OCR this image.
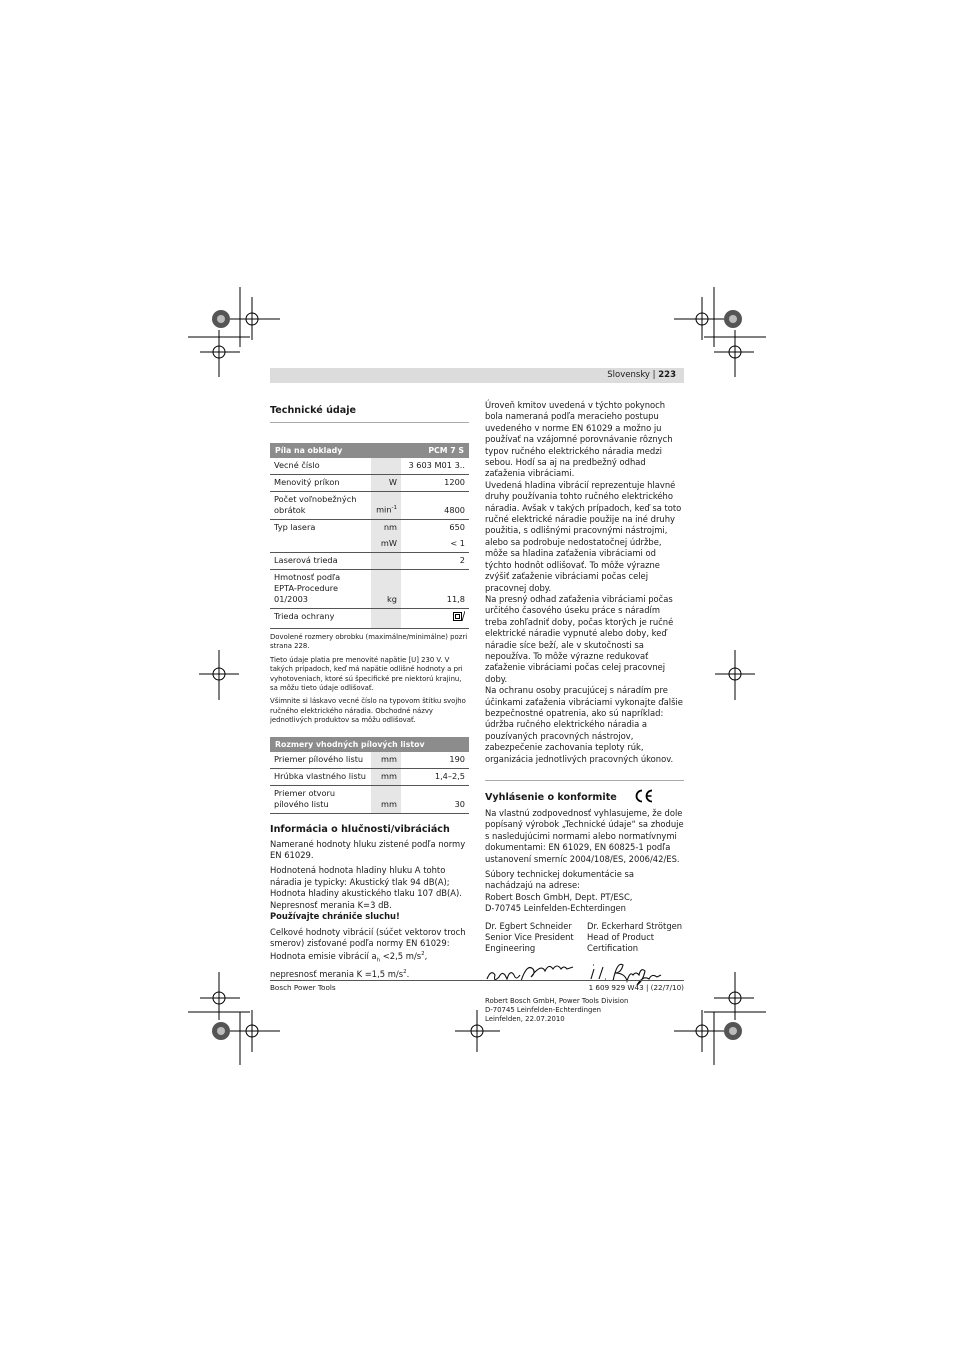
Slovensky | 223
Technické údaje
Píla na obklady		PCM 7 S
Vecné číslo		3 603 M01 3..
Menovitý príkon	W	1200
Počet voľnobežných obrátok	$\min^{-1}$	4800
Typ lasera	nm	650
	mW	< 1
Laserová trieda		2
Hmotnosť podľa EPTA-Procedure 01/2003	kg	11,8
Trieda ochrany		

Dovolené rozmery obrobku (maximálne/minimálne) pozri strana 228.

Tieto údaje platia pre menovité napätie [U] 230 V. V takých prípadoch, keď má napätie odlišné hodnoty a pri vyhotoveniach, ktoré sú špecifické pre niektorú krajinu, sa môžu tieto údaje odlišovať.

Všimnite si láskavo vecné číslo na typovom štítku svojho ručného elektrického náradia. Obchodné názvy jednotlivých produktov sa môžu odlišovať.

Rozmery vhodných pílových listov		
Priemer pílového listu	mm	190
Hrúbka vlastného listu	mm	1,4–2,5
Priemer otvoru pílového listu	mm	30
Informácia o hlučnosti/vibráciách

Namerané hodnoty hluku zistené podľa normy EN 61029.

Hodnotená hodnota hladiny hluku A tohto náradia je typicky: Akustický tlak 94 dB(A); Hodnota hladiny akustického tlaku 107 dB(A). Nepresnosť merania K=3 dB.

Používajte chrániče sluchu!

Celkové hodnoty vibrácií (súčet vektorov troch smerov) zisťované podľa normy EN 61029: Hodnota emisie vibrácií $a_h <2,5$ $m/s^2$, nepresnosť merania K =1,5 $m/s^2$.

Úroveň kmitov uvedená v týchto pokynoch bola nameraná podľa meracieho postupu uvedeného v norme EN 61029 a možno ju používať na vzájomné porovnávanie rôznych typov ručného elektrického náradia medzi sebou. Hodí sa aj na predbežný odhad zaťaženia vibráciami.

Uvedená hladina vibrácií reprezentuje hlavné druhy používania tohto ručného elektrického náradia. Avšak v takých prípadoch, keď sa toto ručné elektrické náradie použije na iné druhy použitia, s odlišnými pracovnými nástrojmi, alebo sa podrobuje nedostatočnej údržbe, môže sa hladina zaťaženia vibráciami od týchto hodnôt odlišovať. To môže výrazne zvýšiť zaťaženie vibráciami počas celej pracovnej doby.

Na presný odhad zaťaženia vibráciami počas určitého časového úseku práce s náradím treba zohľadniť doby, počas ktorých je ručné elektrické náradie vypnuté alebo doby, keď náradie síce beží, ale v skutočnosti sa nepoužíva. To môže výrazne redukovať zaťaženie vibráciami počas celej pracovnej doby.

Na ochranu osoby pracujúcej s náradím pre účinkami zaťaženia vibráciami vykonajte ďalšie bezpečnostné opatrenia, ako sú napríklad: údržba ručného elektrického náradia a pouzívaných pracovných nástrojov, zabezpečenie zachovania teploty rúk, organizácia jednotlivých pracovných úkonov.

Vyhlásenie o konformite

Na vlastnú zodpovednosť vyhlasujeme, že dole popísaný výrobok „Technické údaje“ sa zhoduje s nasledujúcimi normami alebo normatívnymi dokumentami: EN 61029, EN 60825-1 podľa ustanovení smerníc 2004/108/ES, 2006/42/ES.

Súbory technickej dokumentácie sa nachádzajú na adrese:

Robert Bosch GmbH, Dept. PT/ESC,

D-70745 Leinfelden-Echterdingen

Dr. Egbert Schneider

Senior Vice President

Engineering

Dr. Eckerhard Strötgen

Head of Product

Certification

Robert Bosch GmbH, Power Tools Division

D-70745 Leinfelden-Echterdingen

Leinfelden, 22.07.2010

Bosch Power Tools	1 609 929 W43 | (22/7/10)
